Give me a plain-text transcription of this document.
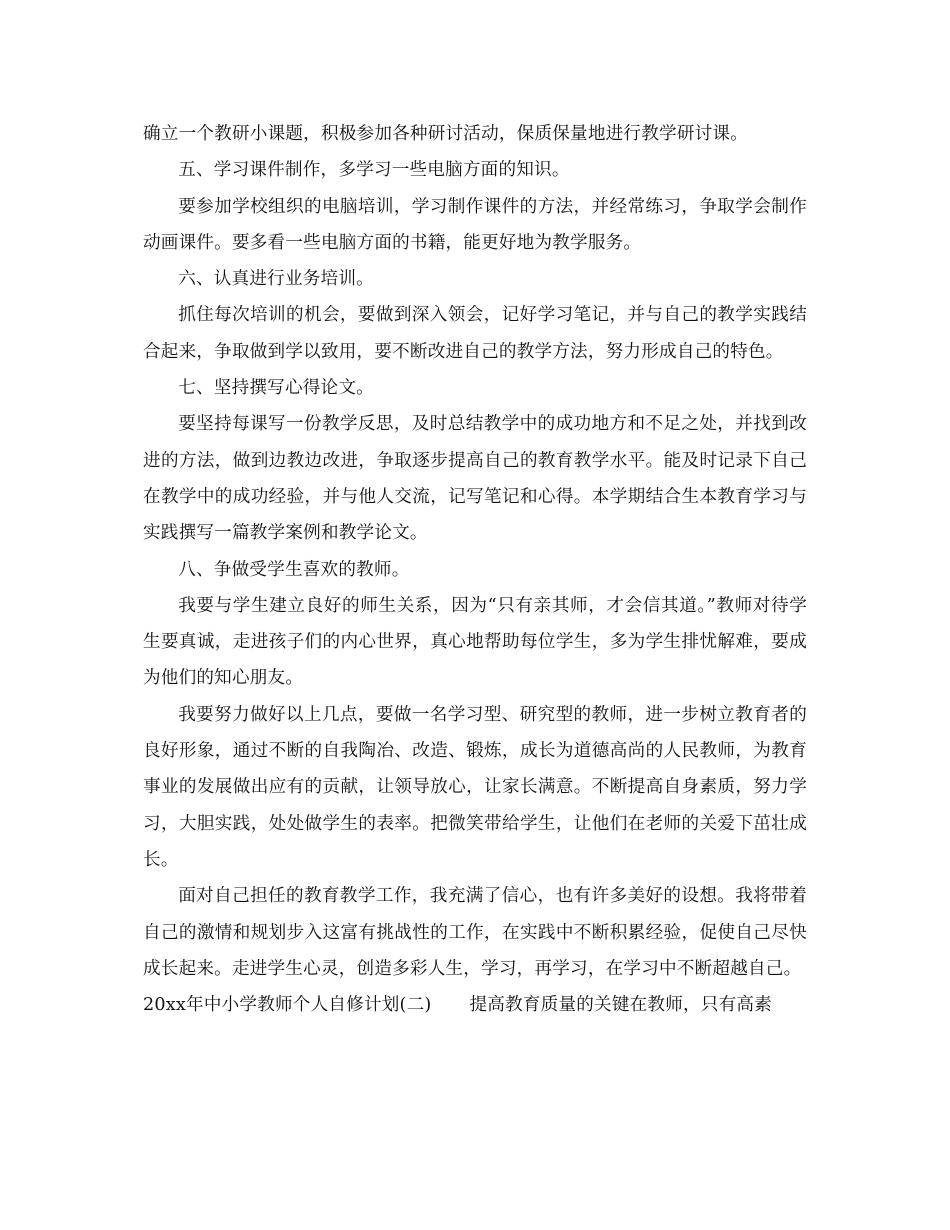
确立一个教研小课题，积极参加各种研讨活动，保质保量地进行教学研讨课。

五、学习课件制作，多学习一些电脑方面的知识。

要参加学校组织的电脑培训，学习制作课件的方法，并经常练习，争取学会制作动画课件。要多看一些电脑方面的书籍，能更好地为教学服务。

六、认真进行业务培训。

抓住每次培训的机会，要做到深入领会，记好学习笔记，并与自己的教学实践结合起来，争取做到学以致用，要不断改进自己的教学方法，努力形成自己的特色。

七、坚持撰写心得论文。

要坚持每课写一份教学反思，及时总结教学中的成功地方和不足之处，并找到改进的方法，做到边教边改进，争取逐步提高自己的教育教学水平。能及时记录下自己在教学中的成功经验，并与他人交流，记写笔记和心得。本学期结合生本教育学习与实践撰写一篇教学案例和教学论文。

八、争做受学生喜欢的教师。

我要与学生建立良好的师生关系，因为“只有亲其师，才会信其道。”教师对待学生要真诚，走进孩子们的内心世界，真心地帮助每位学生，多为学生排忧解难，要成为他们的知心朋友。

我要努力做好以上几点，要做一名学习型、研究型的教师，进一步树立教育者的良好形象，通过不断的自我陶冶、改造、锻炼，成长为道德高尚的人民教师，为教育事业的发展做出应有的贡献，让领导放心，让家长满意。不断提高自身素质，努力学习，大胆实践，处处做学生的表率。把微笑带给学生，让他们在老师的关爱下茁壮成长。

面对自己担任的教育教学工作，我充满了信心，也有许多美好的设想。我将带着自己的激情和规划步入这富有挑战性的工作，在实践中不断积累经验，促使自己尽快成长起来。走进学生心灵，创造多彩人生，学习，再学习，在学习中不断超越自己。

20xx年中小学教师个人自修计划(二) 提高教育质量的关键在教师，只有高素
